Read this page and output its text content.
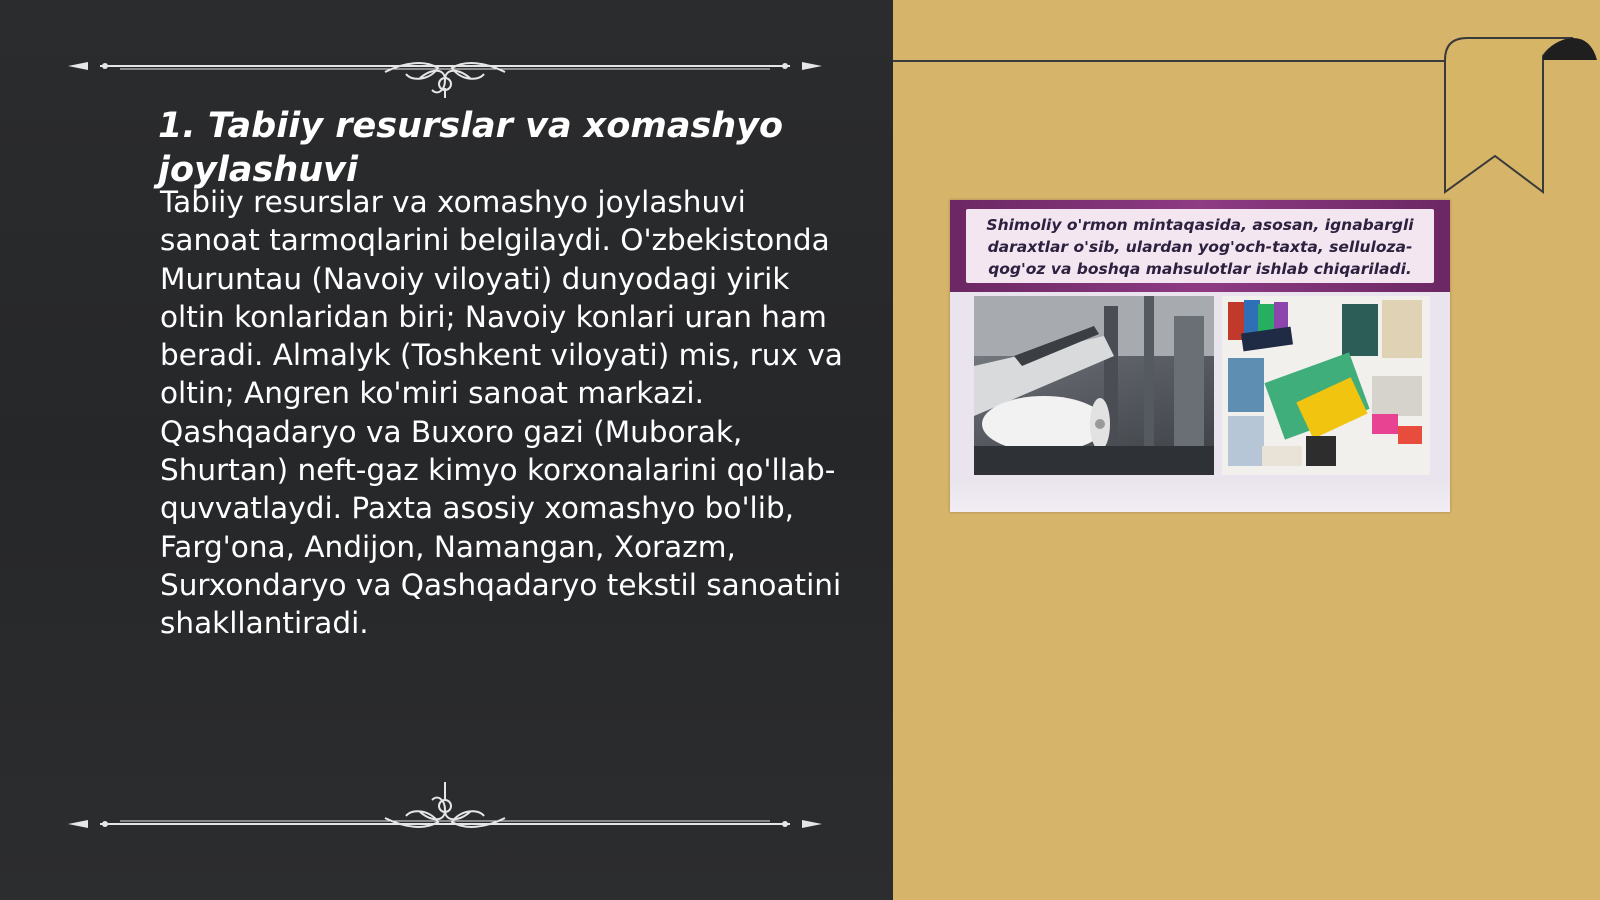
1. Tabiiy resurslar va xomashyo joylashuvi

Tabiiy resurslar va xomashyo joylashuvi sanoat tarmoqlarini belgilaydi. O'zbekistonda Muruntau (Navoiy viloyati) dunyodagi yirik oltin konlaridan biri; Navoiy konlari uran ham beradi. Almalyk (Toshkent viloyati) mis, rux va oltin; Angren ko'miri sanoat markazi. Qashqadaryo va Buxoro gazi (Muborak, Shurtan) neft-gaz kimyo korxonalarini qo'llab-quvvatlaydi. Paxta asosiy xomashyo bo'lib, Farg'ona, Andijon, Namangan, Xorazm, Surxondaryo va Qashqadaryo tekstil sanoatini shakllantiradi.

Shimoliy o'rmon mintaqasida, asosan, ignabargli daraxtlar o'sib, ulardan yog'och-taxta, selluloza-qog'oz va boshqa mahsulotlar ishlab chiqariladi.
